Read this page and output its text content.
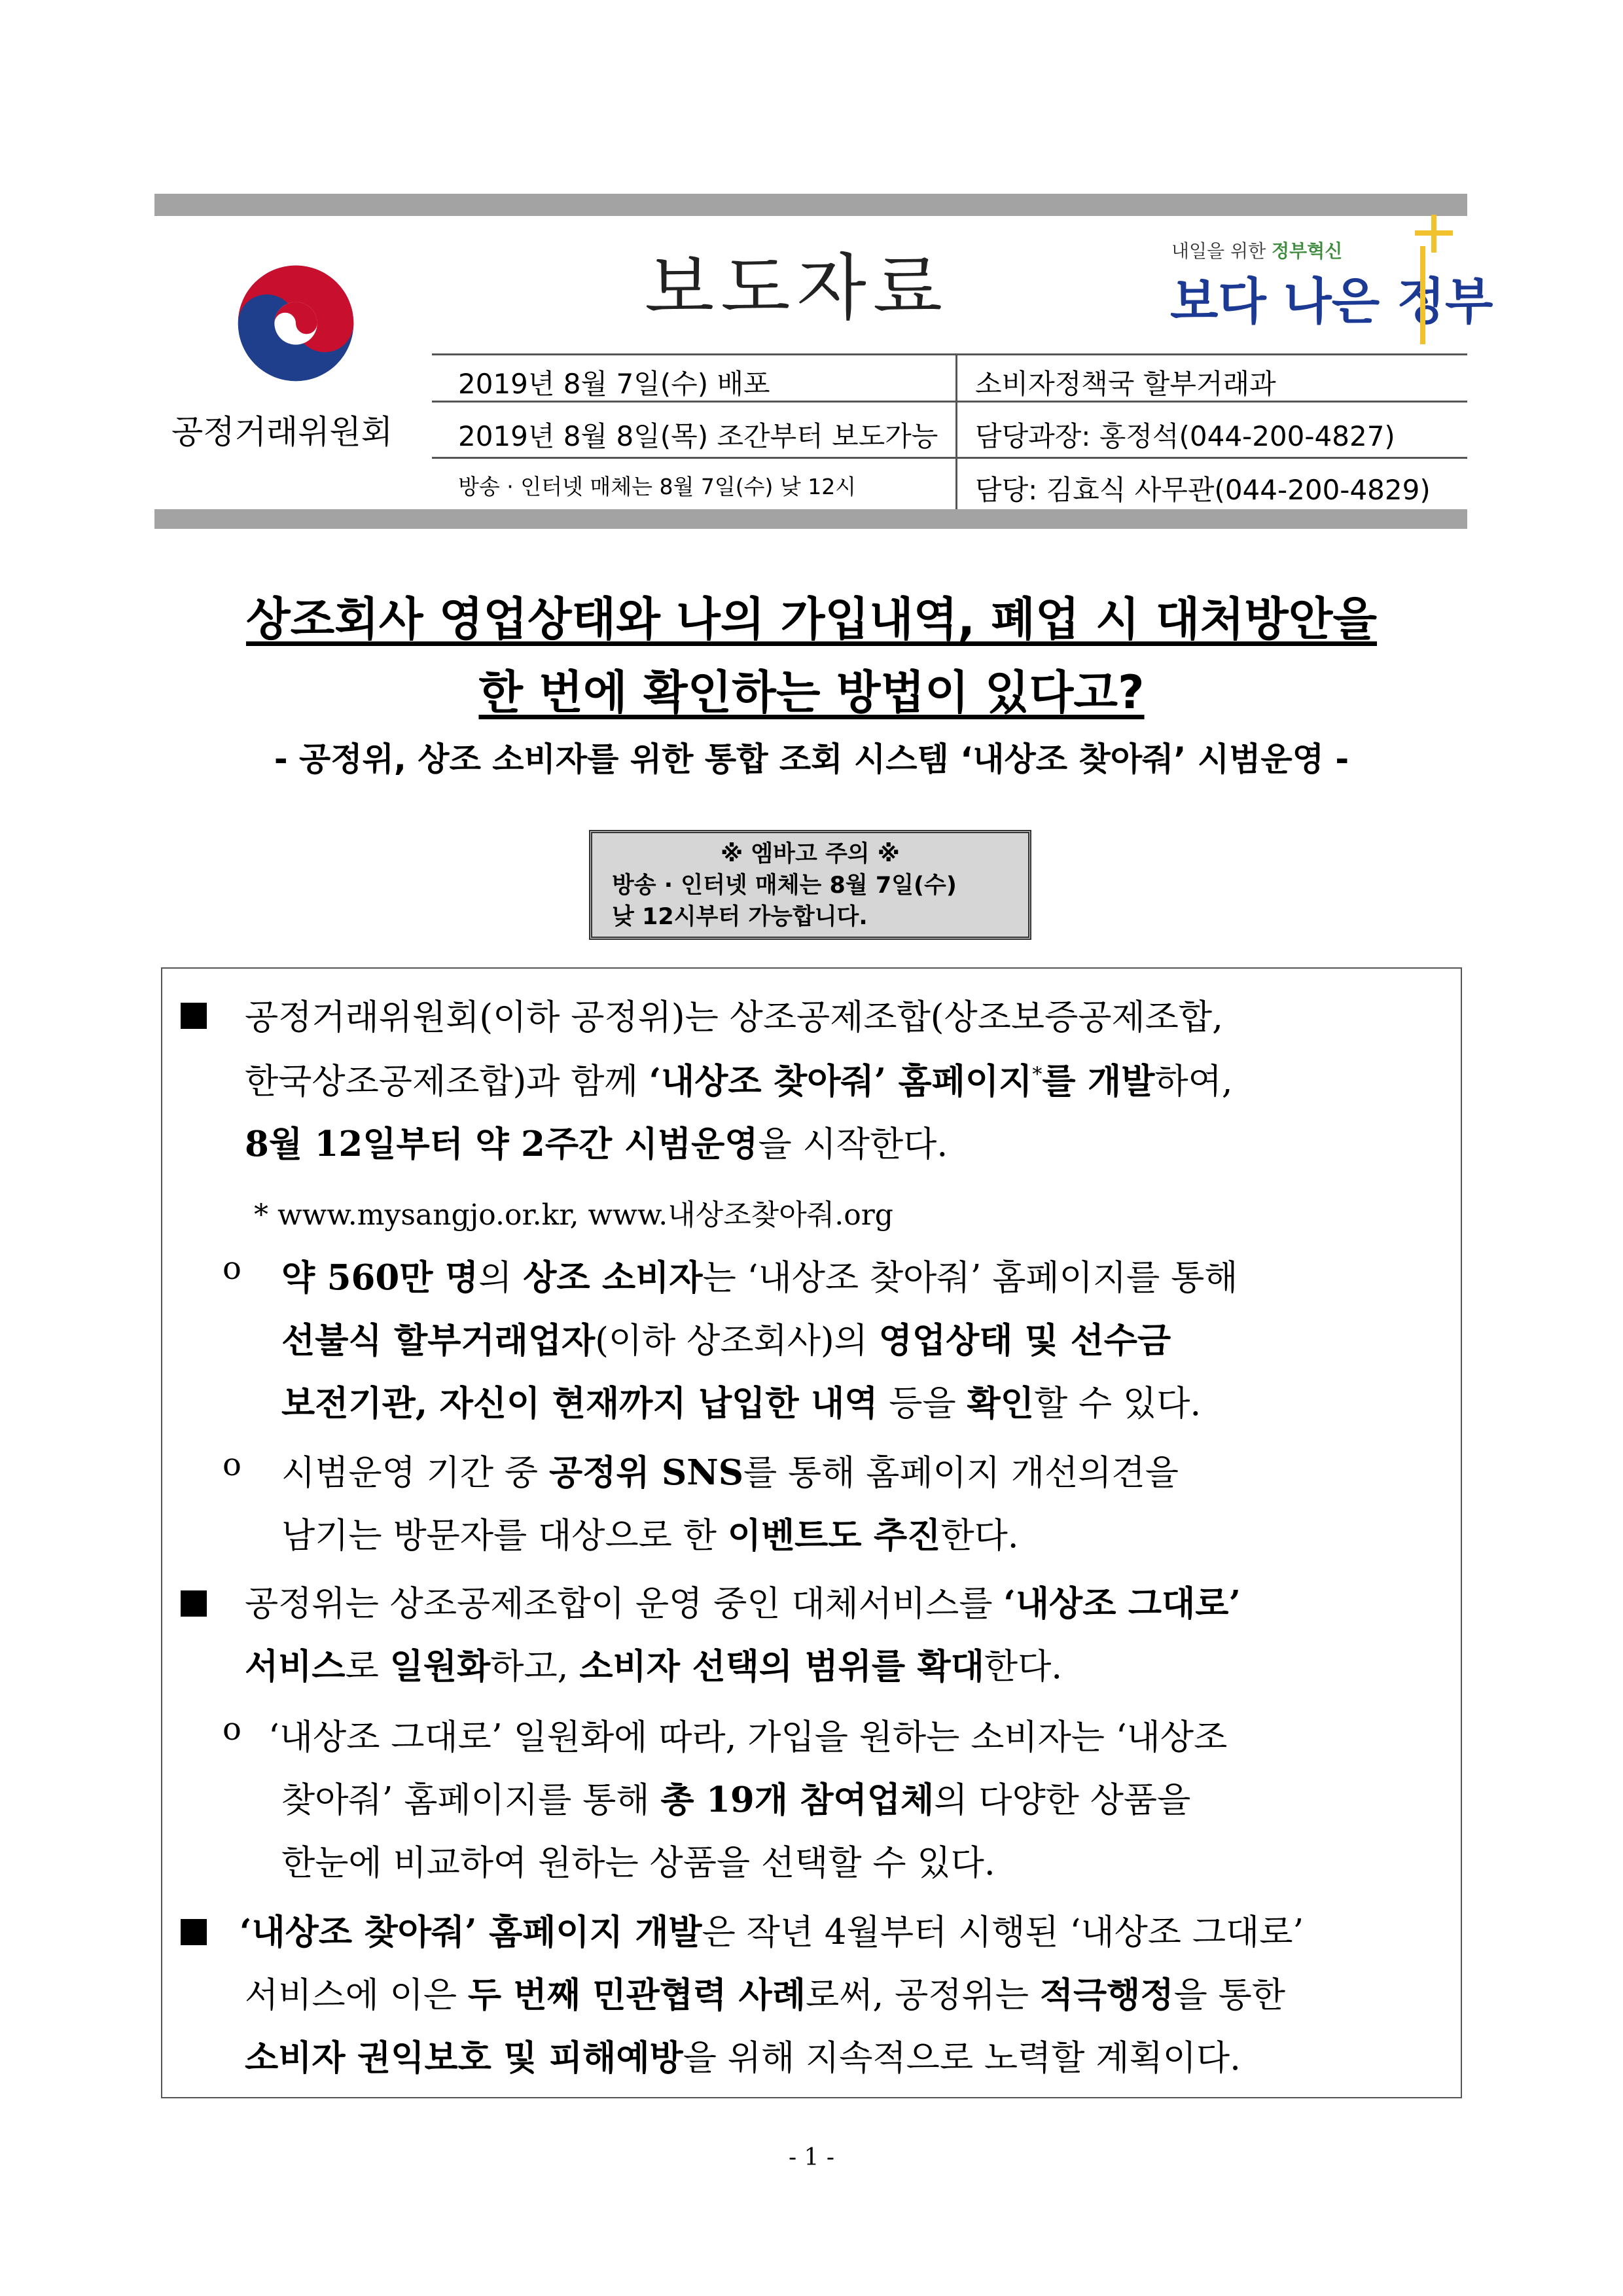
공정거래위원회
보도자료	내일을 위한 정부혁신
보다 나은 정부
2019년 8월 7일(수) 배포
2019년 8월 8일(목) 조간부터 보도가능
방송 · 인터넷 매체는 8월 7일(수) 낮 12시
소비자정책국 할부거래과
담당과장: 홍정석(044-200-4827)
담당: 김효식 사무관(044-200-4829)
상조회사 영업상태와 나의 가입내역, 폐업 시 대처방안을
한 번에 확인하는 방법이 있다고?
- 공정위, 상조 소비자를 위한 통합 조회 시스템 ‘내상조 찾아줘’ 시범운영 -
※ 엠바고 주의 ※
방송 · 인터넷 매체는 8월 7일(수)
낮 12시부터 가능합니다.
공정거래위원회(이하 공정위)는 상조공제조합(상조보증공제조합,
한국상조공제조합)과 함께 ‘내상조 찾아줘’ 홈페이지*를 개발하여,
8월 12일부터 약 2주간 시범운영을 시작한다.
* www.mysangjo.or.kr, www.내상조찾아줘.org
o 약 560만 명의 상조 소비자는 ‘내상조 찾아줘’ 홈페이지를 통해
선불식 할부거래업자(이하 상조회사)의 영업상태 및 선수금
보전기관, 자신이 현재까지 납입한 내역 등을 확인할 수 있다.
o 시범운영 기간 중 공정위 SNS를 통해 홈페이지 개선의견을
남기는 방문자를 대상으로 한 이벤트도 추진한다.
공정위는 상조공제조합이 운영 중인 대체서비스를 ‘내상조 그대로’
서비스로 일원화하고, 소비자 선택의 범위를 확대한다.
o ‘내상조 그대로’ 일원화에 따라, 가입을 원하는 소비자는 ‘내상조
찾아줘’ 홈페이지를 통해 총 19개 참여업체의 다양한 상품을
한눈에 비교하여 원하는 상품을 선택할 수 있다.
‘내상조 찾아줘’ 홈페이지 개발은 작년 4월부터 시행된 ‘내상조 그대로’
서비스에 이은 두 번째 민관협력 사례로써, 공정위는 적극행정을 통한
소비자 권익보호 및 피해예방을 위해 지속적으로 노력할 계획이다.
- 1 -
